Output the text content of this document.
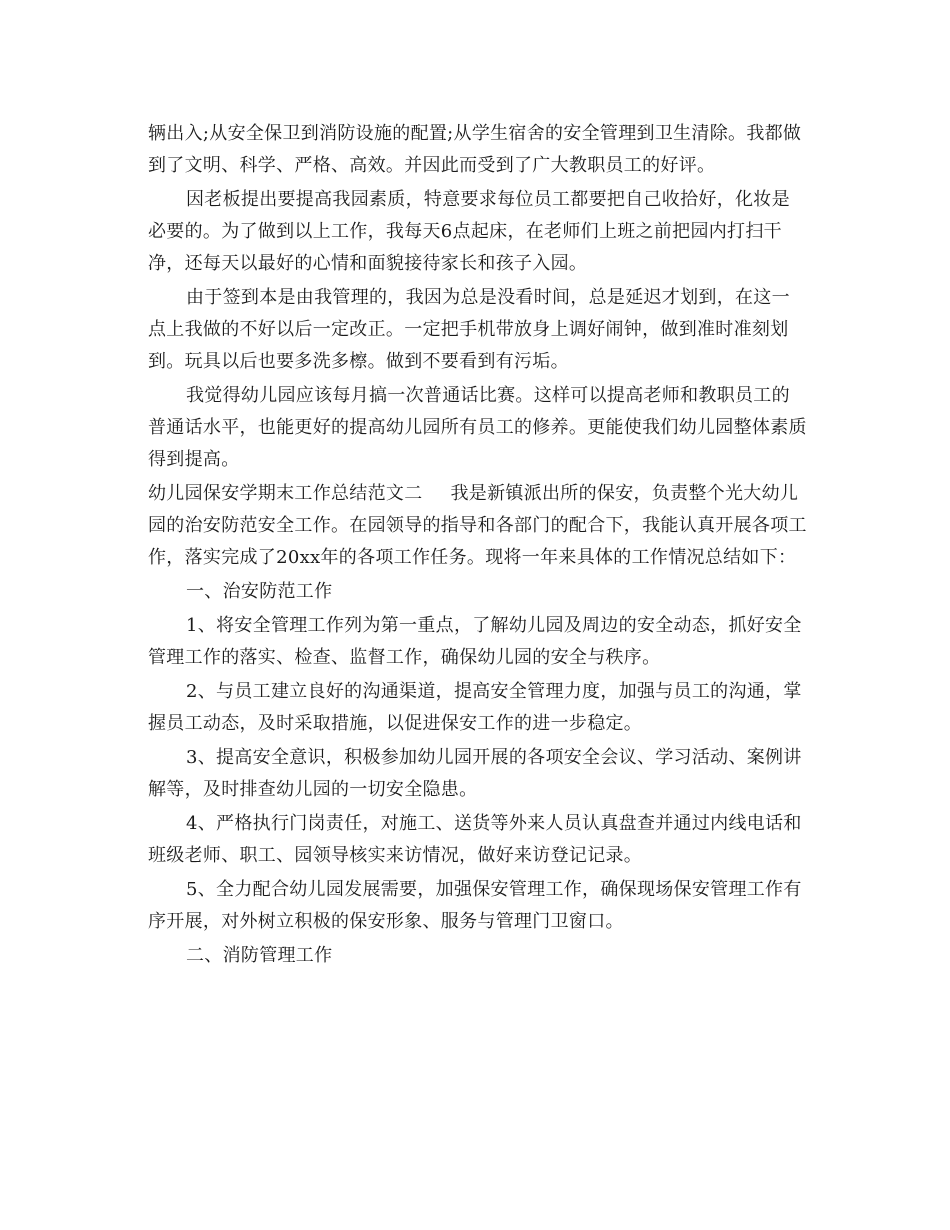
辆出入;从安全保卫到消防设施的配置;从学生宿舍的安全管理到卫生清除。我都做到了文明、科学、严格、高效。并因此而受到了广大教职员工的好评。

因老板提出要提高我园素质，特意要求每位员工都要把自己收拾好，化妆是必要的。为了做到以上工作，我每天6点起床，在老师们上班之前把园内打扫干净，还每天以最好的心情和面貌接待家长和孩子入园。

由于签到本是由我管理的，我因为总是没看时间，总是延迟才划到，在这一点上我做的不好以后一定改正。一定把手机带放身上调好闹钟，做到准时准刻划到。玩具以后也要多洗多檫。做到不要看到有污垢。

我觉得幼儿园应该每月搞一次普通话比赛。这样可以提高老师和教职员工的普通话水平，也能更好的提高幼儿园所有员工的修养。更能使我们幼儿园整体素质得到提高。

幼儿园保安学期末工作总结范文二 我是新镇派出所的保安，负责整个光大幼儿园的治安防范安全工作。在园领导的指导和各部门的配合下，我能认真开展各项工作，落实完成了20xx年的各项工作任务。现将一年来具体的工作情况总结如下：

一、治安防范工作

1、将安全管理工作列为第一重点，了解幼儿园及周边的安全动态，抓好安全管理工作的落实、检查、监督工作，确保幼儿园的安全与秩序。

2、与员工建立良好的沟通渠道，提高安全管理力度，加强与员工的沟通，掌握员工动态，及时采取措施，以促进保安工作的进一步稳定。

3、提高安全意识，积极参加幼儿园开展的各项安全会议、学习活动、案例讲解等，及时排查幼儿园的一切安全隐患。

4、严格执行门岗责任，对施工、送货等外来人员认真盘查并通过内线电话和班级老师、职工、园领导核实来访情况，做好来访登记记录。

5、全力配合幼儿园发展需要，加强保安管理工作，确保现场保安管理工作有序开展，对外树立积极的保安形象、服务与管理门卫窗口。

二、消防管理工作
